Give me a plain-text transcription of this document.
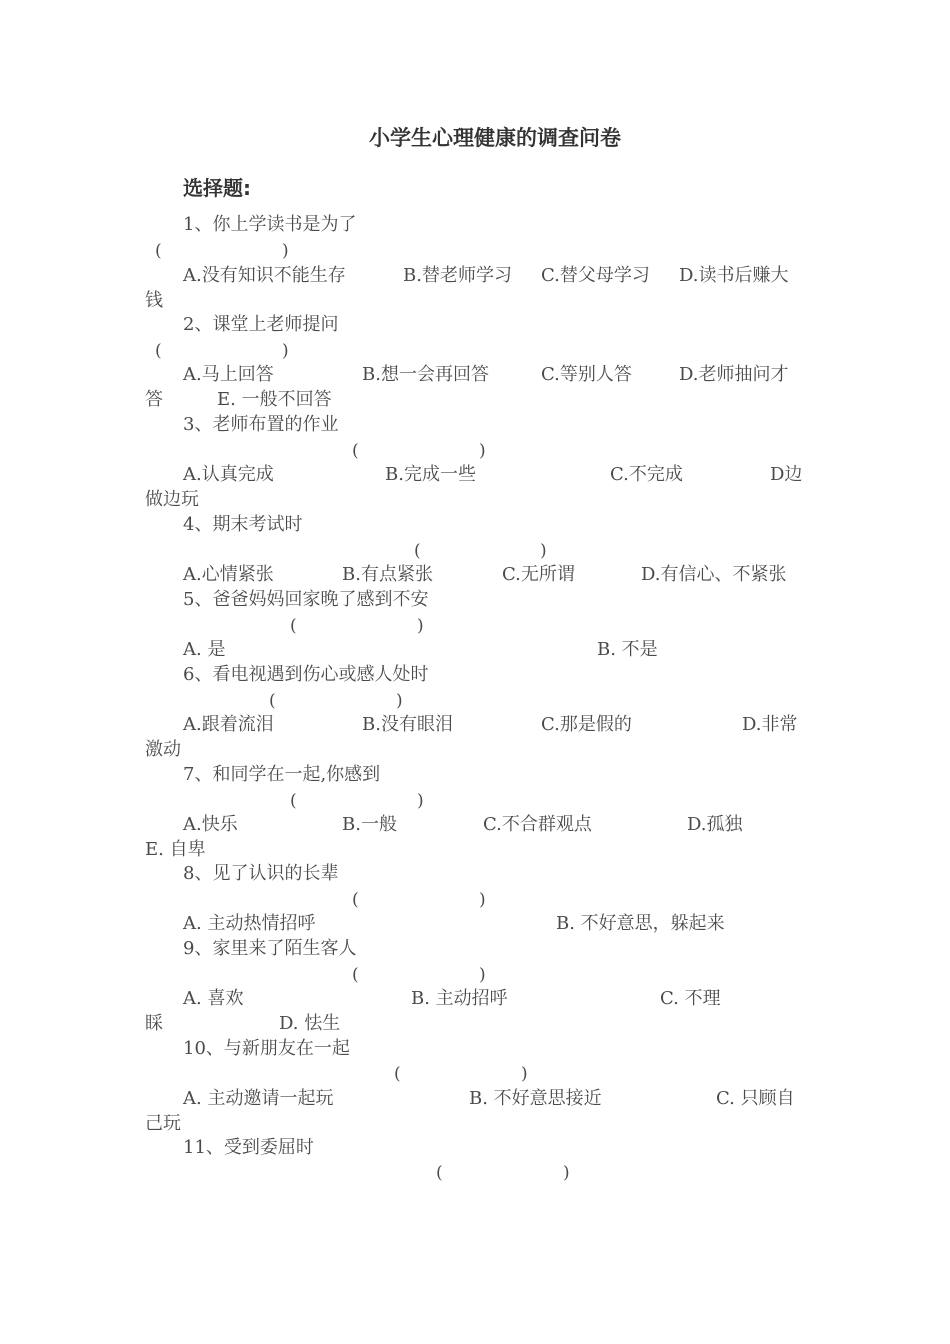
小学生心理健康的调查问卷
选择题:
1、你上学读书是为了
(	)
A.没有知识不能生存	B.替老师学习 C.替父母学习 D.读书后赚大
钱
2、课堂上老师提问
(	)
A.马上回答	B.想一会再回答	C.等别人答	D.老师抽问才
答	E. 一般不回答
3、老师布置的作业
(	)
A.认真完成	B.完成一些	C.不完成	D边
做边玩
4、期末考试时
(	)
A.心情紧张	B.有点紧张	C.无所谓	D.有信心、不紧张
5、爸爸妈妈回家晚了感到不安
(	)
A. 是	B. 不是
6、看电视遇到伤心或感人处时
(	)
A.跟着流泪	B.没有眼泪	C.那是假的	D.非常
激动
7、和同学在一起,你感到
(	)
A.快乐	B.一般	C.不合群观点	D.孤独
E. 自卑
8、见了认识的长辈
(	)
A. 主动热情招呼	B. 不好意思，躲起来
9、家里来了陌生客人
(	)
A. 喜欢	B. 主动招呼	C. 不理
睬	D. 怯生
10、与新朋友在一起
(	)
A. 主动邀请一起玩	B. 不好意思接近	C. 只顾自
己玩
11、受到委屈时
(	)
